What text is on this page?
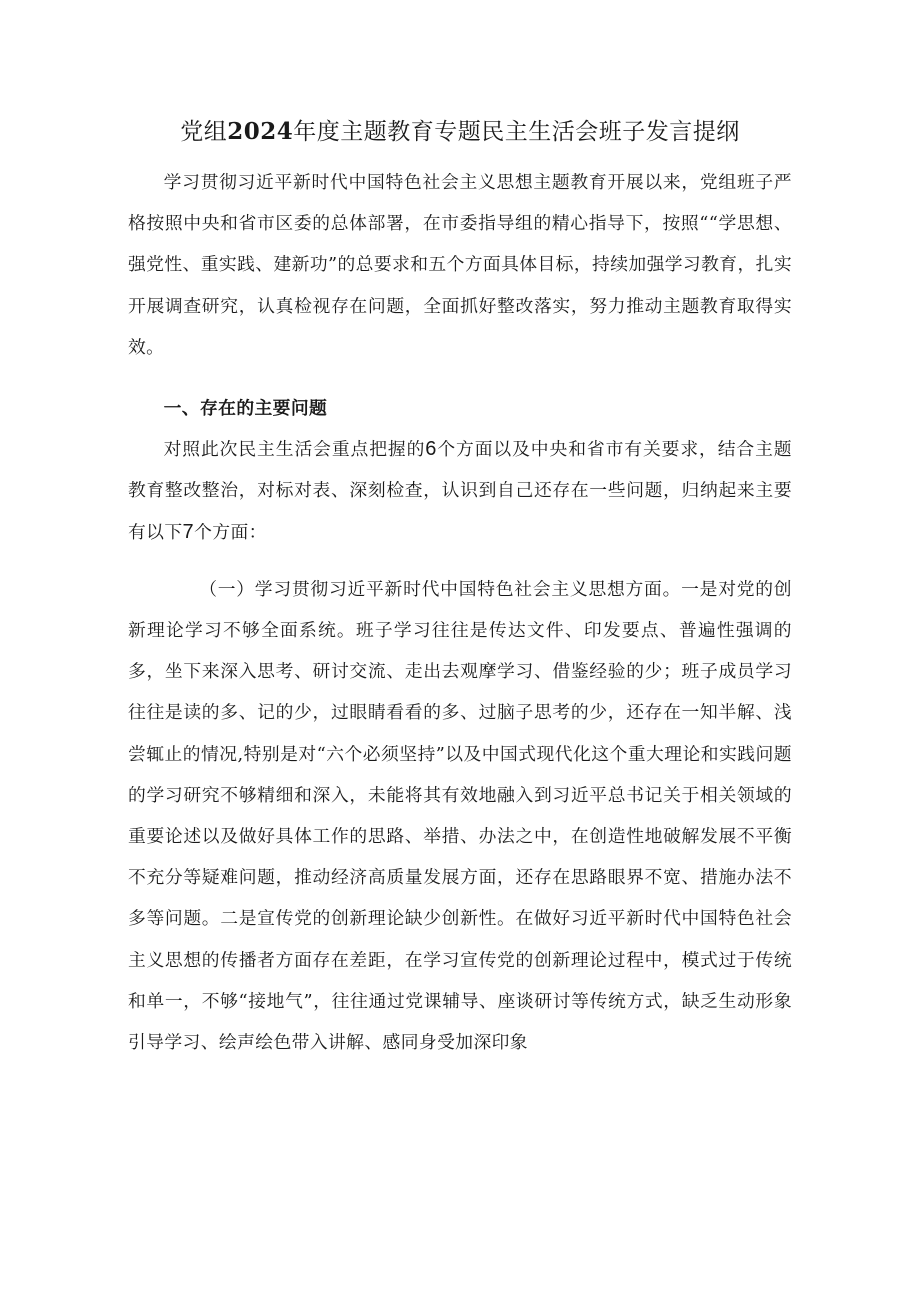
党组2024年度主题教育专题民主生活会班子发言提纲

学习贯彻习近平新时代中国特色社会主义思想主题教育开展以来，党组班子严格按照中央和省市区委的总体部署，在市委指导组的精心指导下，按照““学思想、强党性、重实践、建新功”的总要求和五个方面具体目标，持续加强学习教育，扎实开展调查研究，认真检视存在问题，全面抓好整改落实，努力推动主题教育取得实效。

一、存在的主要问题

对照此次民主生活会重点把握的6个方面以及中央和省市有关要求，结合主题教育整改整治，对标对表、深刻检查，认识到自己还存在一些问题，归纳起来主要有以下7个方面：

（一）学习贯彻习近平新时代中国特色社会主义思想方面。一是对党的创新理论学习不够全面系统。班子学习往往是传达文件、印发要点、普遍性强调的多，坐下来深入思考、研讨交流、走出去观摩学习、借鉴经验的少；班子成员学习往往是读的多、记的少，过眼睛看看的多、过脑子思考的少，还存在一知半解、浅尝辄止的情况,特别是对“六个必须坚持”以及中国式现代化这个重大理论和实践问题的学习研究不够精细和深入，未能将其有效地融入到习近平总书记关于相关领域的重要论述以及做好具体工作的思路、举措、办法之中，在创造性地破解发展不平衡不充分等疑难问题，推动经济高质量发展方面，还存在思路眼界不宽、措施办法不多等问题。二是宣传党的创新理论缺少创新性。在做好习近平新时代中国特色社会主义思想的传播者方面存在差距，在学习宣传党的创新理论过程中，模式过于传统和单一，不够“接地气”，往往通过党课辅导、座谈研讨等传统方式，缺乏生动形象引导学习、绘声绘色带入讲解、感同身受加深印象
